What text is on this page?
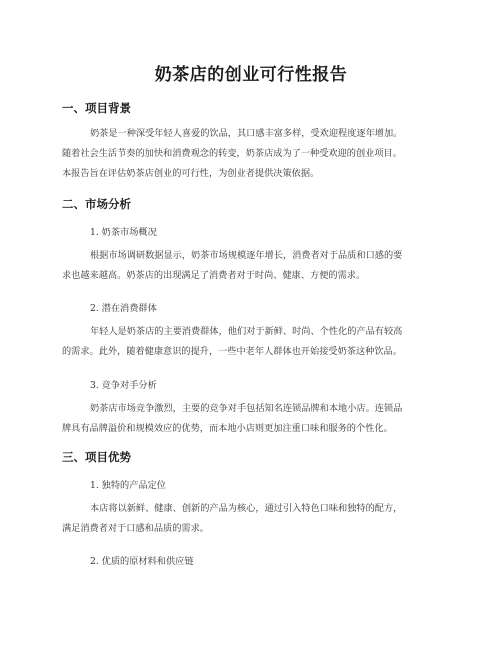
奶茶店的创业可行性报告
一、项目背景
奶茶是一种深受年轻人喜爱的饮品，其口感丰富多样，受欢迎程度逐年增加。
随着社会生活节奏的加快和消费观念的转变，奶茶店成为了一种受欢迎的创业项目。
本报告旨在评估奶茶店创业的可行性，为创业者提供决策依据。
二、市场分析
1. 奶茶市场概况
根据市场调研数据显示，奶茶市场规模逐年增长，消费者对于品质和口感的要
求也越来越高。奶茶店的出现满足了消费者对于时尚、健康、方便的需求。
2. 潜在消费群体
年轻人是奶茶店的主要消费群体，他们对于新鲜、时尚、个性化的产品有较高
的需求。此外，随着健康意识的提升，一些中老年人群体也开始接受奶茶这种饮品。
3. 竞争对手分析
奶茶店市场竞争激烈，主要的竞争对手包括知名连锁品牌和本地小店。连锁品
牌具有品牌溢价和规模效应的优势，而本地小店则更加注重口味和服务的个性化。
三、项目优势
1. 独特的产品定位
本店将以新鲜、健康、创新的产品为核心，通过引入特色口味和独特的配方，
满足消费者对于口感和品质的需求。
2. 优质的原材料和供应链
